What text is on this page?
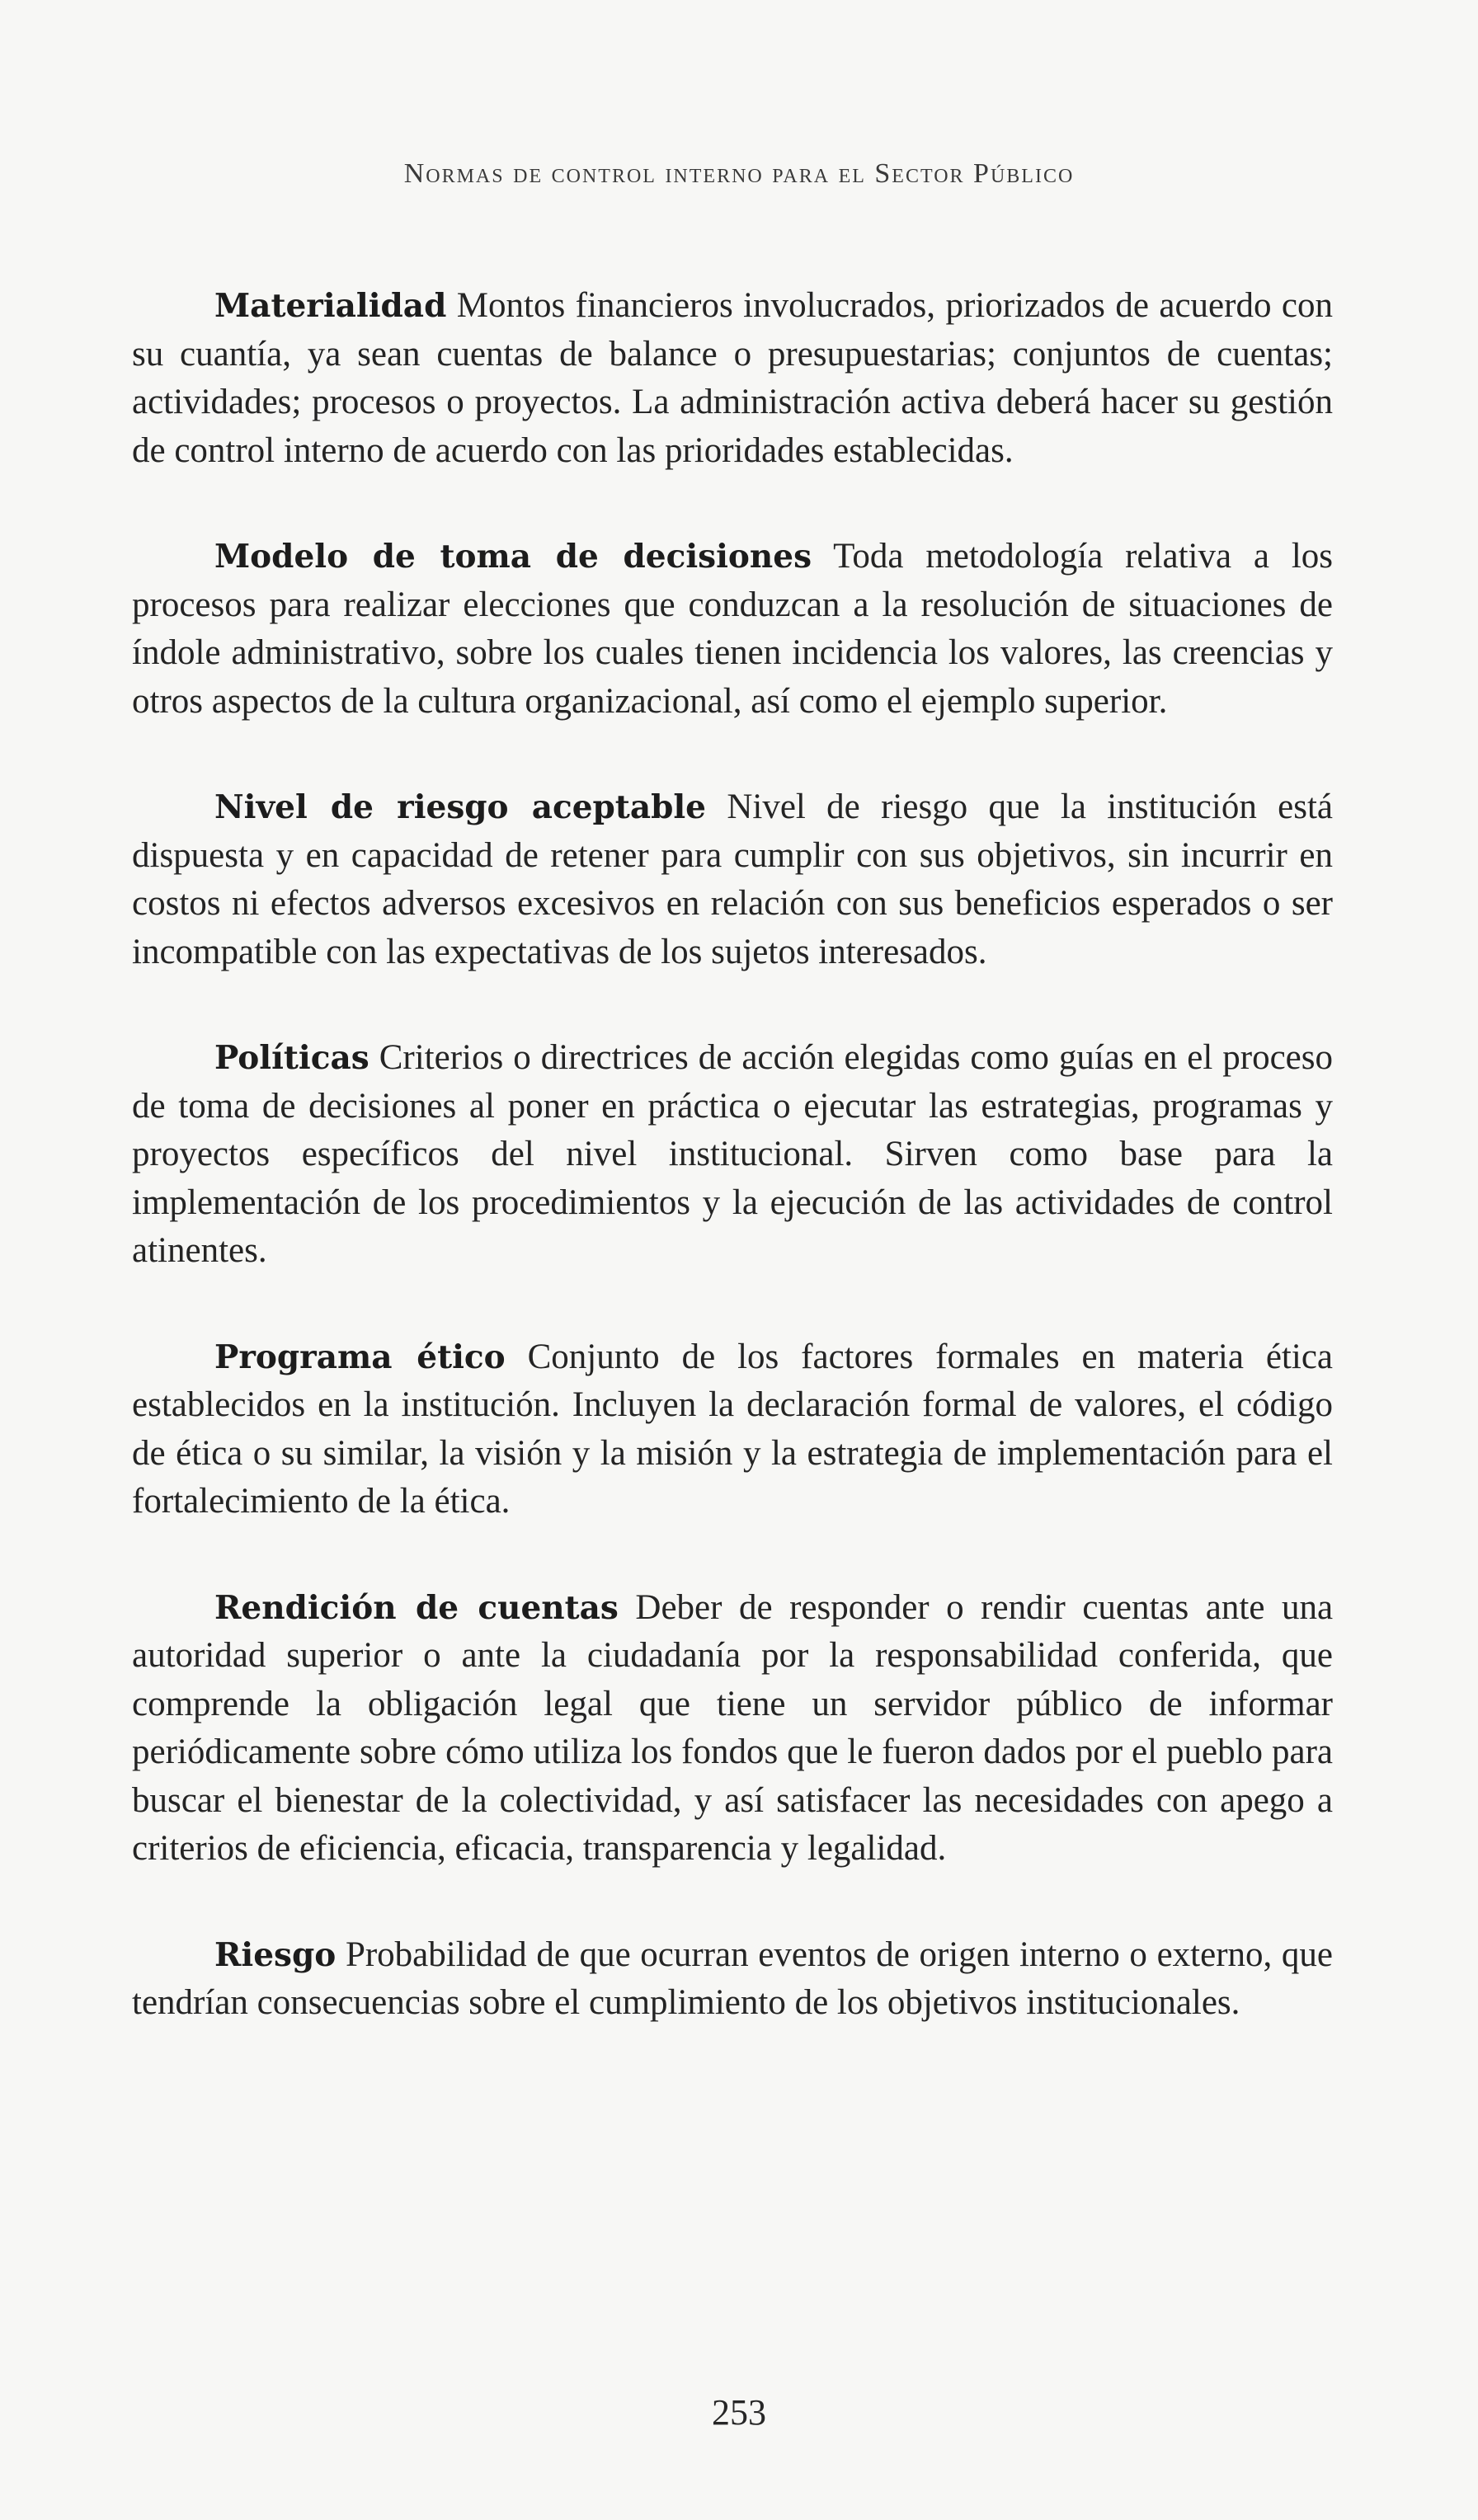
Normas de control interno para el Sector Público

Materialidad Montos financieros involucrados, priorizados de acuerdo con su cuantía, ya sean cuentas de balance o presupuestarias; conjuntos de cuentas; actividades; procesos o proyectos. La administración activa deberá hacer su gestión de control interno de acuerdo con las prioridades establecidas.

Modelo de toma de decisiones Toda metodología relativa a los procesos para realizar elecciones que conduzcan a la resolución de situaciones de índole administrativo, sobre los cuales tienen incidencia los valores, las creencias y otros aspectos de la cultura organizacional, así como el ejemplo superior.

Nivel de riesgo aceptable Nivel de riesgo que la institución está dispuesta y en capacidad de retener para cumplir con sus objetivos, sin incurrir en costos ni efectos adversos excesivos en relación con sus beneficios esperados o ser incompatible con las expectativas de los sujetos interesados.

Políticas Criterios o directrices de acción elegidas como guías en el proceso de toma de decisiones al poner en práctica o ejecutar las estrategias, programas y proyectos específicos del nivel institucional. Sirven como base para la implementación de los procedimientos y la ejecución de las actividades de control atinentes.

Programa ético Conjunto de los factores formales en materia ética establecidos en la institución. Incluyen la declaración formal de valores, el código de ética o su similar, la visión y la misión y la estrategia de implementación para el fortalecimiento de la ética.

Rendición de cuentas Deber de responder o rendir cuentas ante una autoridad superior o ante la ciudadanía por la responsabilidad conferida, que comprende la obligación legal que tiene un servidor público de informar periódicamente sobre cómo utiliza los fondos que le fueron dados por el pueblo para buscar el bienestar de la colectividad, y así satisfacer las necesidades con apego a criterios de eficiencia, eficacia, transparencia y legalidad.

Riesgo Probabilidad de que ocurran eventos de origen interno o externo, que tendrían consecuencias sobre el cumplimiento de los objetivos institucionales.

253
